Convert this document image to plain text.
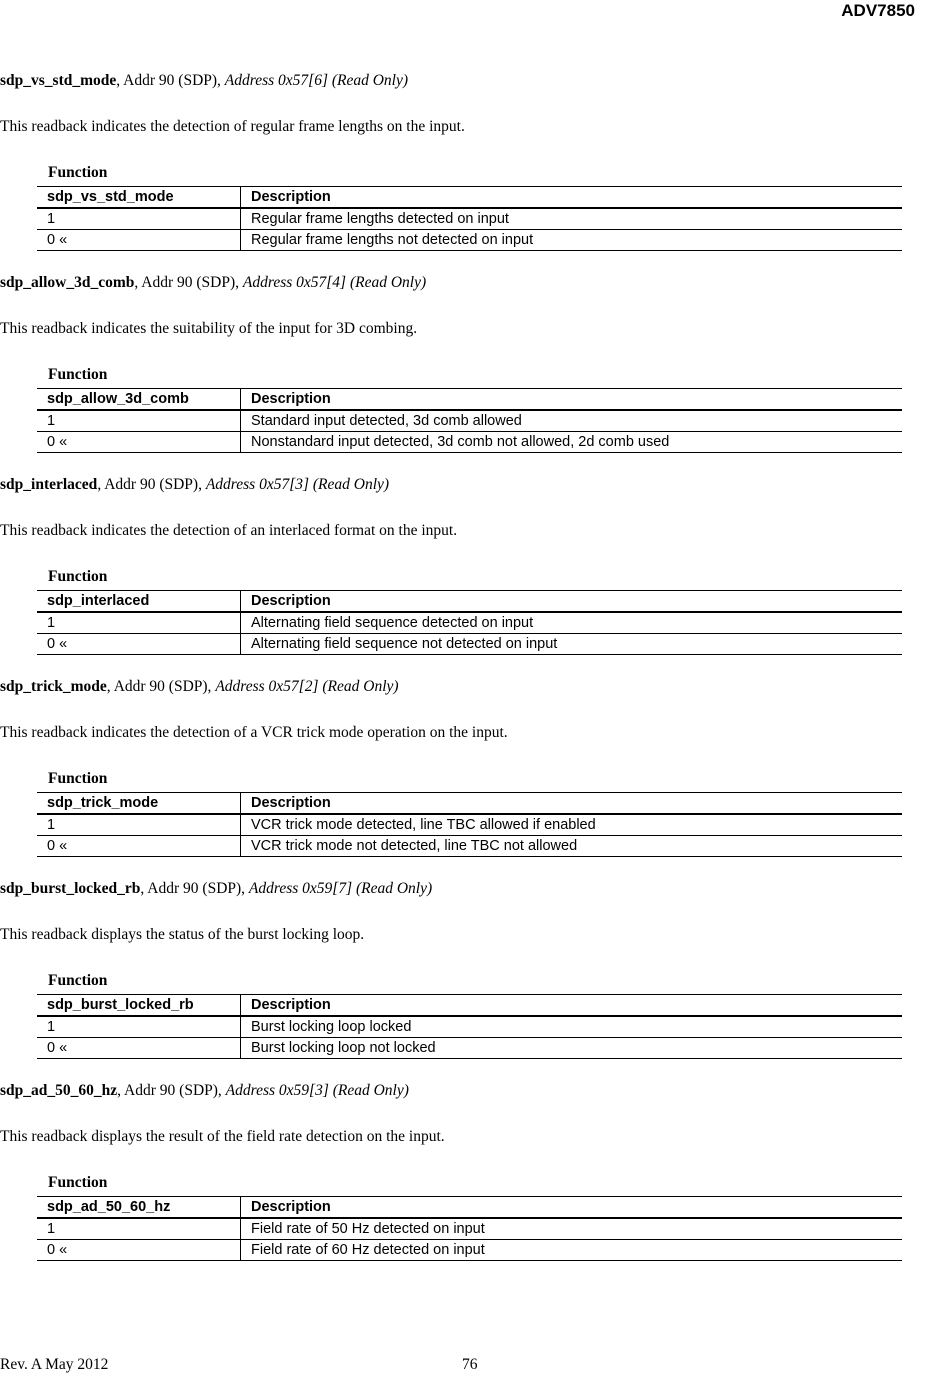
ADV7850
sdp_vs_std_mode, Addr 90 (SDP), Address 0x57[6] (Read Only)
This readback indicates the detection of regular frame lengths on the input.
Function
sdp_vs_std_mode	Description
1	Regular frame lengths detected on input
0 «	Regular frame lengths not detected on input
sdp_allow_3d_comb, Addr 90 (SDP), Address 0x57[4] (Read Only)
This readback indicates the suitability of the input for 3D combing.
Function
sdp_allow_3d_comb	Description
1	Standard input detected, 3d comb allowed
0 «	Nonstandard input detected, 3d comb not allowed, 2d comb used
sdp_interlaced, Addr 90 (SDP), Address 0x57[3] (Read Only)
This readback indicates the detection of an interlaced format on the input.
Function
sdp_interlaced	Description
1	Alternating field sequence detected on input
0 «	Alternating field sequence not detected on input
sdp_trick_mode, Addr 90 (SDP), Address 0x57[2] (Read Only)
This readback indicates the detection of a VCR trick mode operation on the input.
Function
sdp_trick_mode	Description
1	VCR trick mode detected, line TBC allowed if enabled
0 «	VCR trick mode not detected, line TBC not allowed
sdp_burst_locked_rb, Addr 90 (SDP), Address 0x59[7] (Read Only)
This readback displays the status of the burst locking loop.
Function
sdp_burst_locked_rb	Description
1	Burst locking loop locked
0 «	Burst locking loop not locked
sdp_ad_50_60_hz, Addr 90 (SDP), Address 0x59[3] (Read Only)
This readback displays the result of the field rate detection on the input.
Function
sdp_ad_50_60_hz	Description
1	Field rate of 50 Hz detected on input
0 «	Field rate of 60 Hz detected on input
Rev. A May 2012	76
